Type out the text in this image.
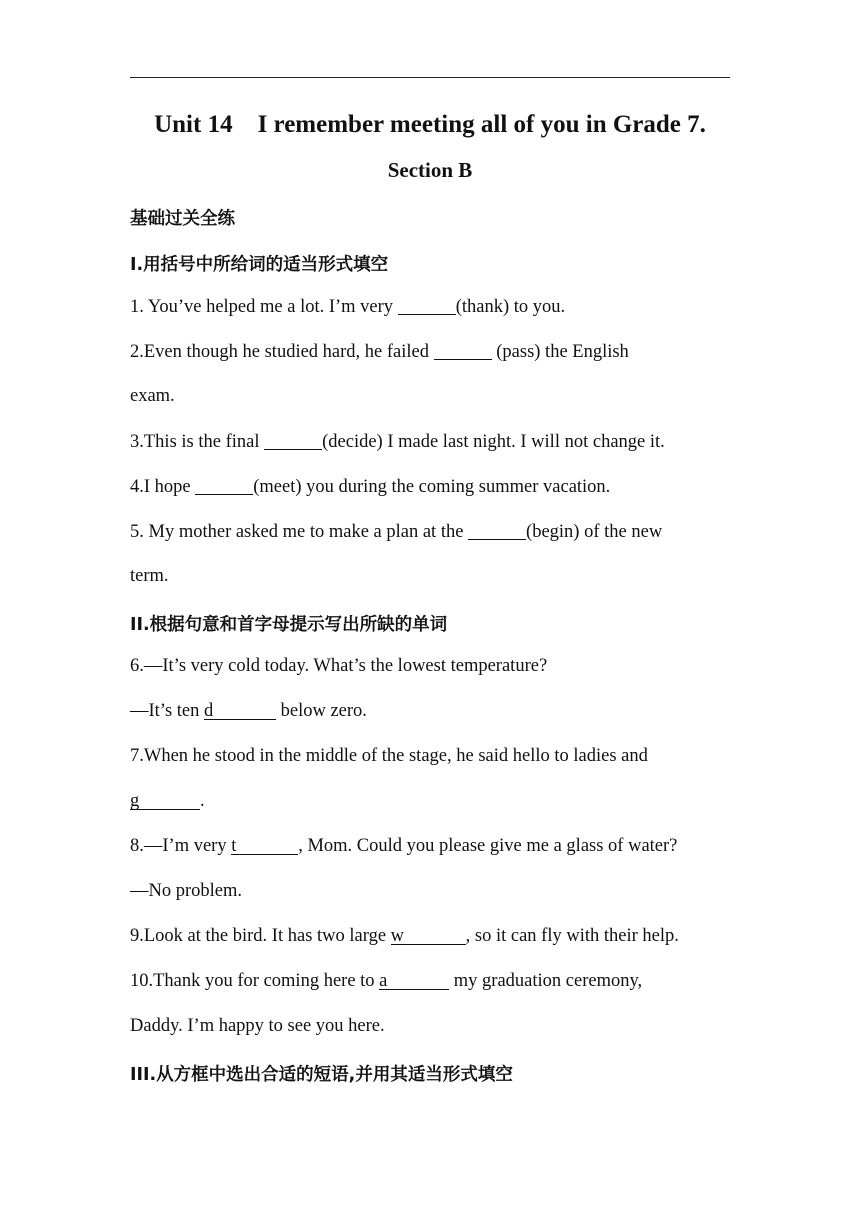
Unit 14    I remember meeting all of you in Grade 7.
Section B
基础过关全练
I.用括号中所给词的适当形式填空
1. You’ve helped me a lot. I’m very	(thank) to you.
2.Even though he studied hard, he failed	(pass) the English
exam.
3.This is the final	(decide) I made last night. I will not change it.
4.I hope	(meet) you during the coming summer vacation.
5. My mother asked me to make a plan at the	(begin) of the new
term.
II.根据句意和首字母提示写出所缺的单词
6.—It’s very cold today. What’s the lowest temperature?
—It’s ten d	below zero.
7.When he stood in the middle of the stage, he said hello to ladies and
g	.
8.—I’m very t	, Mom. Could you please give me a glass of water?
—No problem.
9.Look at the bird. It has two large w	, so it can fly with their help.
10.Thank you for coming here to a	my graduation ceremony,
Daddy. I’m happy to see you here.
III.从方框中选出合适的短语,并用其适当形式填空
